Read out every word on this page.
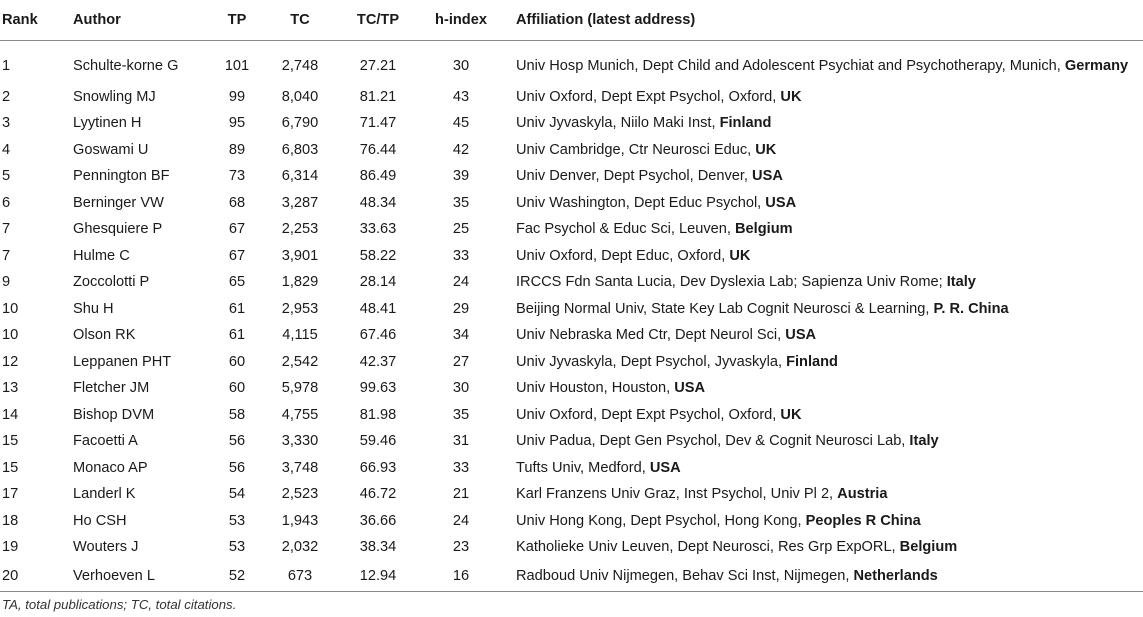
Rank	Author	TP	TC	TC/TP	h-index	Affiliation (latest address)
1	Schulte-korne G	101	2,748	27.21	30	Univ Hosp Munich, Dept Child and Adolescent Psychiat and Psychotherapy, Munich, Germany
2	Snowling MJ	99	8,040	81.21	43	Univ Oxford, Dept Expt Psychol, Oxford, UK
3	Lyytinen H	95	6,790	71.47	45	Univ Jyvaskyla, Niilo Maki Inst, Finland
4	Goswami U	89	6,803	76.44	42	Univ Cambridge, Ctr Neurosci Educ, UK
5	Pennington BF	73	6,314	86.49	39	Univ Denver, Dept Psychol, Denver, USA
6	Berninger VW	68	3,287	48.34	35	Univ Washington, Dept Educ Psychol, USA
7	Ghesquiere P	67	2,253	33.63	25	Fac Psychol & Educ Sci, Leuven, Belgium
7	Hulme C	67	3,901	58.22	33	Univ Oxford, Dept Educ, Oxford, UK
9	Zoccolotti P	65	1,829	28.14	24	IRCCS Fdn Santa Lucia, Dev Dyslexia Lab; Sapienza Univ Rome; Italy
10	Shu H	61	2,953	48.41	29	Beijing Normal Univ, State Key Lab Cognit Neurosci & Learning, P. R. China
10	Olson RK	61	4,115	67.46	34	Univ Nebraska Med Ctr, Dept Neurol Sci, USA
12	Leppanen PHT	60	2,542	42.37	27	Univ Jyvaskyla, Dept Psychol, Jyvaskyla, Finland
13	Fletcher JM	60	5,978	99.63	30	Univ Houston, Houston, USA
14	Bishop DVM	58	4,755	81.98	35	Univ Oxford, Dept Expt Psychol, Oxford, UK
15	Facoetti A	56	3,330	59.46	31	Univ Padua, Dept Gen Psychol, Dev & Cognit Neurosci Lab, Italy
15	Monaco AP	56	3,748	66.93	33	Tufts Univ, Medford, USA
17	Landerl K	54	2,523	46.72	21	Karl Franzens Univ Graz, Inst Psychol, Univ Pl 2, Austria
18	Ho CSH	53	1,943	36.66	24	Univ Hong Kong, Dept Psychol, Hong Kong, Peoples R China
19	Wouters J	53	2,032	38.34	23	Katholieke Univ Leuven, Dept Neurosci, Res Grp ExpORL, Belgium
20	Verhoeven L	52	673	12.94	16	Radboud Univ Nijmegen, Behav Sci Inst, Nijmegen, Netherlands
TA, total publications; TC, total citations.
